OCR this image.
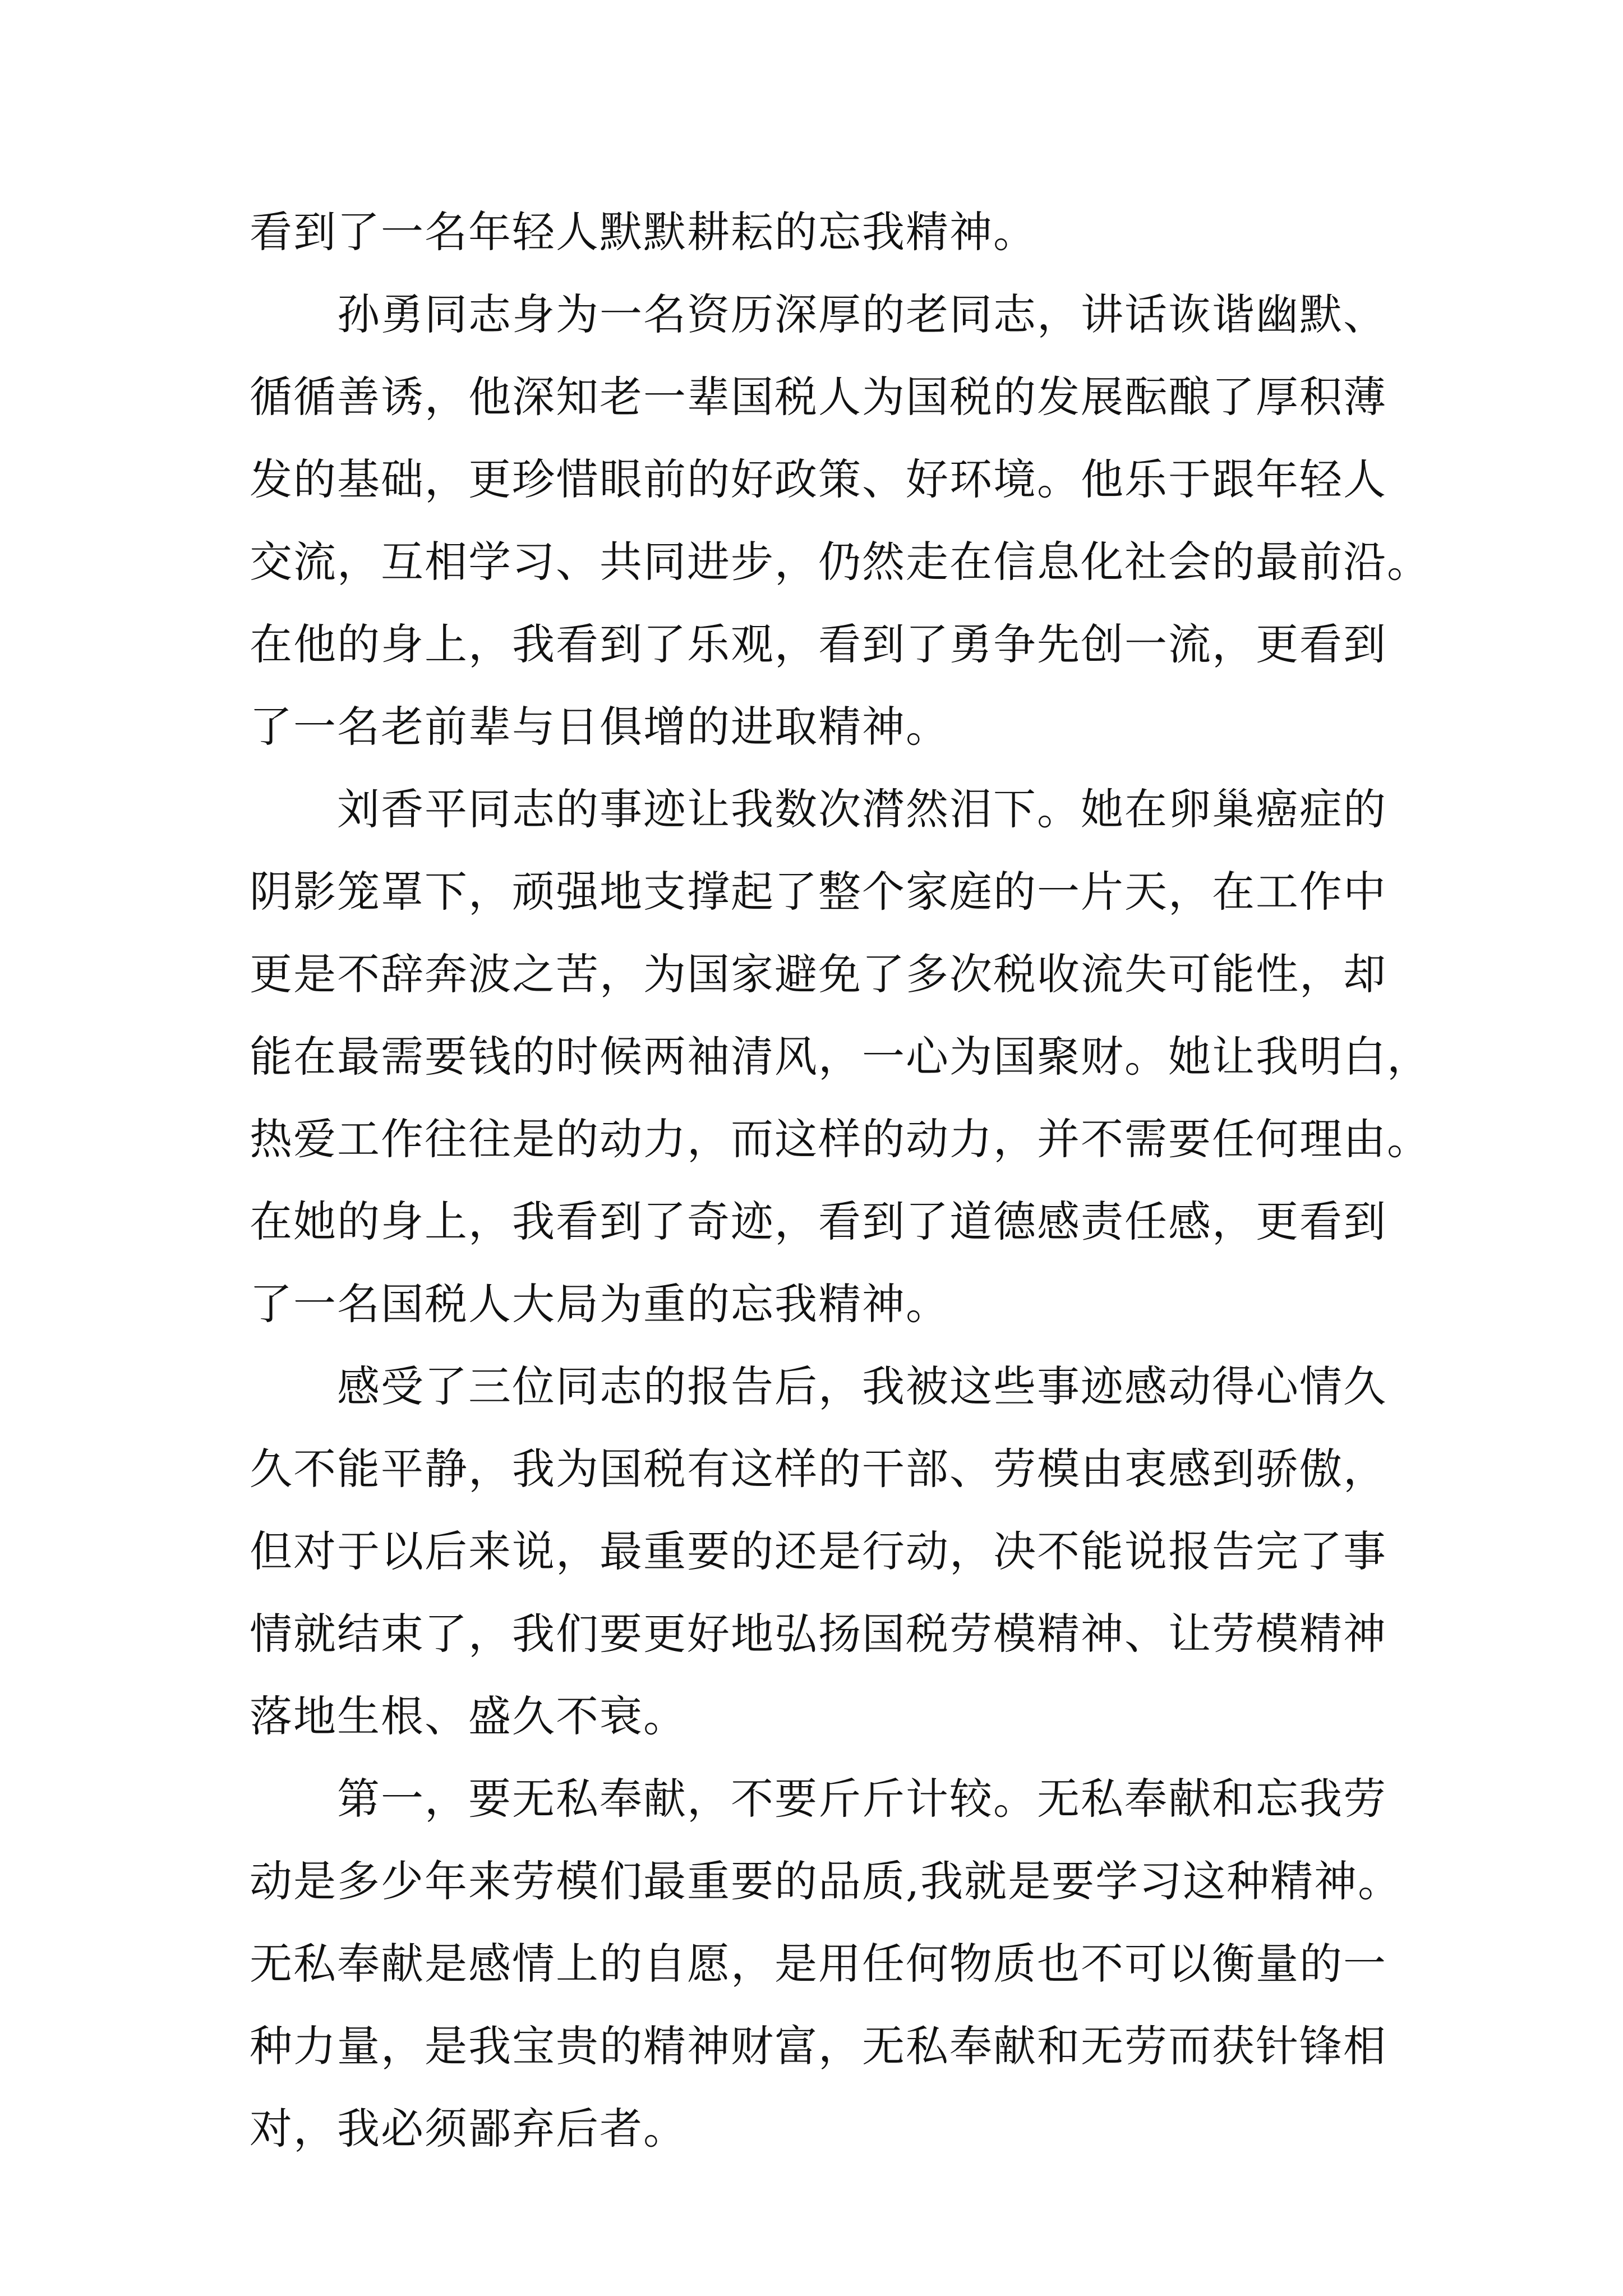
看到了一名年轻人默默耕耘的忘我精神。
孙勇同志身为一名资历深厚的老同志，讲话诙谐幽默、
循循善诱，他深知老一辈国税人为国税的发展酝酿了厚积薄
发的基础，更珍惜眼前的好政策、好环境。他乐于跟年轻人
交流，互相学习、共同进步，仍然走在信息化社会的最前沿。
在他的身上，我看到了乐观，看到了勇争先创一流，更看到
了一名老前辈与日俱增的进取精神。
刘香平同志的事迹让我数次潸然泪下。她在卵巢癌症的
阴影笼罩下，顽强地支撑起了整个家庭的一片天，在工作中
更是不辞奔波之苦，为国家避免了多次税收流失可能性，却
能在最需要钱的时候两袖清风，一心为国聚财。她让我明白，
热爱工作往往是的动力，而这样的动力，并不需要任何理由。
在她的身上，我看到了奇迹，看到了道德感责任感，更看到
了一名国税人大局为重的忘我精神。
感受了三位同志的报告后，我被这些事迹感动得心情久
久不能平静，我为国税有这样的干部、劳模由衷感到骄傲，
但对于以后来说，最重要的还是行动，决不能说报告完了事
情就结束了，我们要更好地弘扬国税劳模精神、让劳模精神
落地生根、盛久不衰。
第一，要无私奉献，不要斤斤计较。无私奉献和忘我劳
动是多少年来劳模们最重要的品质,我就是要学习这种精神。
无私奉献是感情上的自愿，是用任何物质也不可以衡量的一
种力量，是我宝贵的精神财富，无私奉献和无劳而获针锋相
对，我必须鄙弃后者。
